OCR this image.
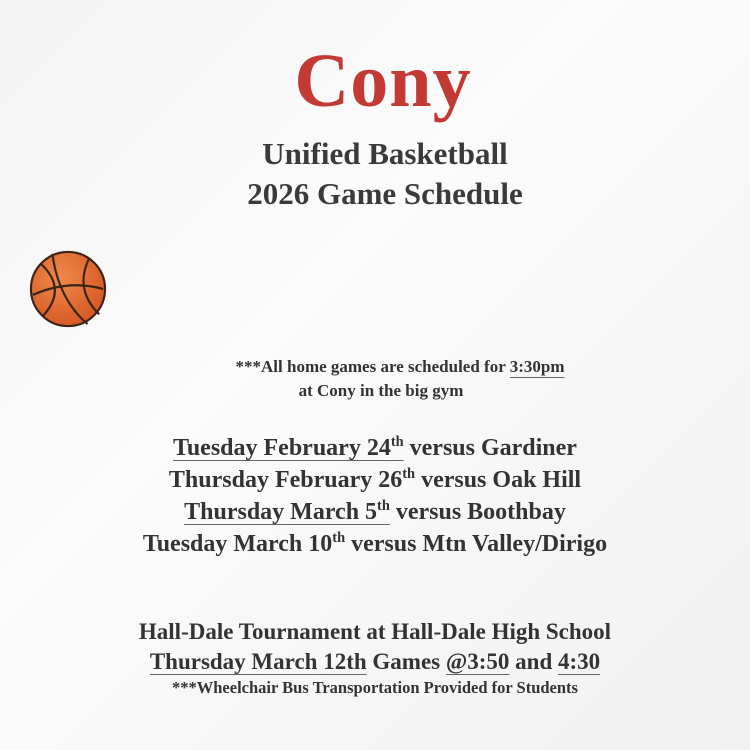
Cony
Unified Basketball
2026 Game Schedule
***All home games are scheduled for 3:30pm
at Cony in the big gym
Tuesday February 24th versus Gardiner
Thursday February 26th versus Oak Hill
Thursday March 5th versus Boothbay
Tuesday March 10th versus Mtn Valley/Dirigo
Hall-Dale Tournament at Hall-Dale High School
Thursday March 12th Games @3:50 and 4:30
***Wheelchair Bus Transportation Provided for Students
